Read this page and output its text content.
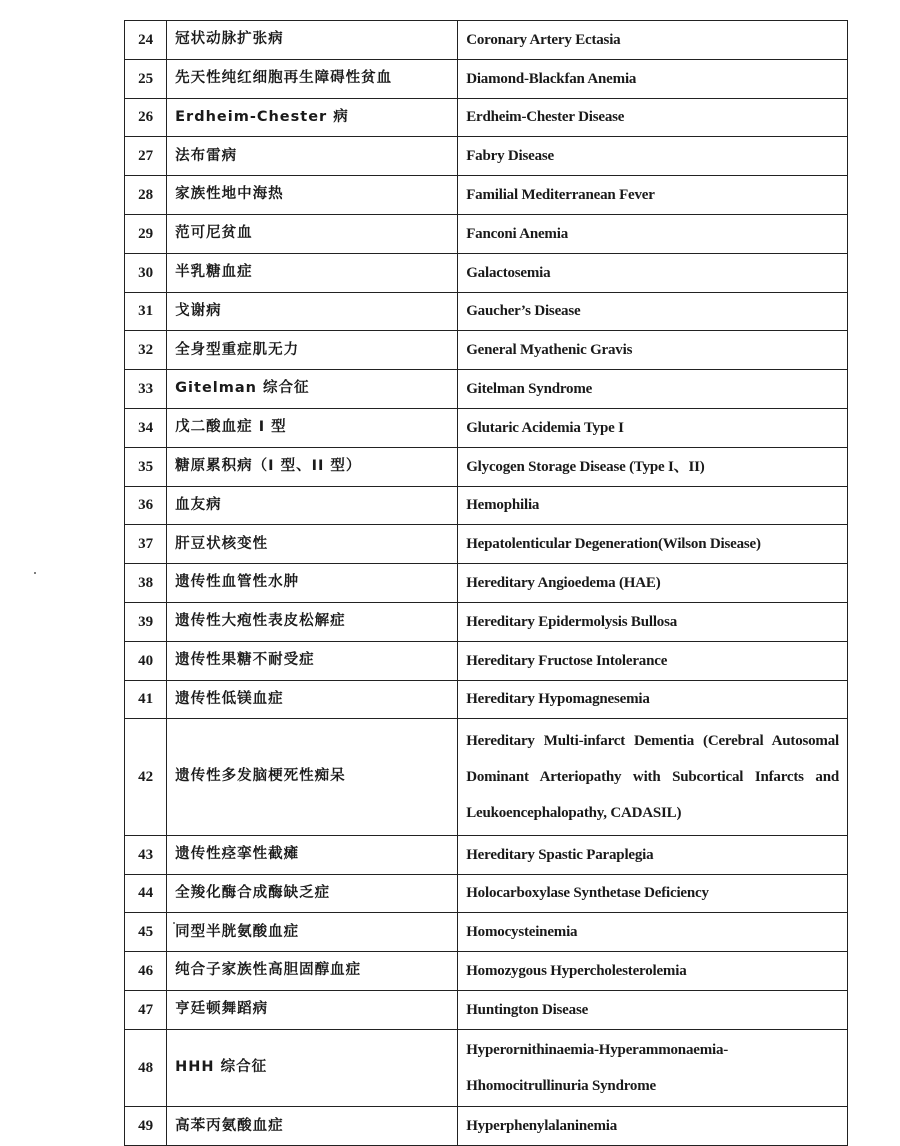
24	冠状动脉扩张病	Coronary Artery Ectasia
25	先天性纯红细胞再生障碍性贫血	Diamond-Blackfan Anemia
26	Erdheim-Chester 病	Erdheim-Chester Disease
27	法布雷病	Fabry Disease
28	家族性地中海热	Familial Mediterranean Fever
29	范可尼贫血	Fanconi Anemia
30	半乳糖血症	Galactosemia
31	戈谢病	Gaucher’s Disease
32	全身型重症肌无力	General Myathenic Gravis
33	Gitelman 综合征	Gitelman Syndrome
34	戊二酸血症 I 型	Glutaric Acidemia Type I
35	糖原累积病（I 型、II 型）	Glycogen Storage Disease (Type I、II)
36	血友病	Hemophilia
37	肝豆状核变性	Hepatolenticular Degeneration(Wilson Disease)
38	遗传性血管性水肿	Hereditary Angioedema (HAE)
39	遗传性大疱性表皮松解症	Hereditary Epidermolysis Bullosa
40	遗传性果糖不耐受症	Hereditary Fructose Intolerance
41	遗传性低镁血症	Hereditary Hypomagnesemia
42	遗传性多发脑梗死性痴呆	Hereditary Multi-infarct Dementia (Cerebral Autosomal Dominant Arteriopathy with Subcortical Infarcts and Leukoencephalopathy, CADASIL)
43	遗传性痉挛性截瘫	Hereditary Spastic Paraplegia
44	全羧化酶合成酶缺乏症	Holocarboxylase Synthetase Deficiency
45	同型半胱氨酸血症	Homocysteinemia
46	纯合子家族性高胆固醇血症	Homozygous Hypercholesterolemia
47	亨廷顿舞蹈病	Huntington Disease
48	HHH 综合征	Hyperornithinaemia-Hyperammonaemia-Hhomocitrullinuria Syndrome
49	高苯丙氨酸血症	Hyperphenylalaninemia
